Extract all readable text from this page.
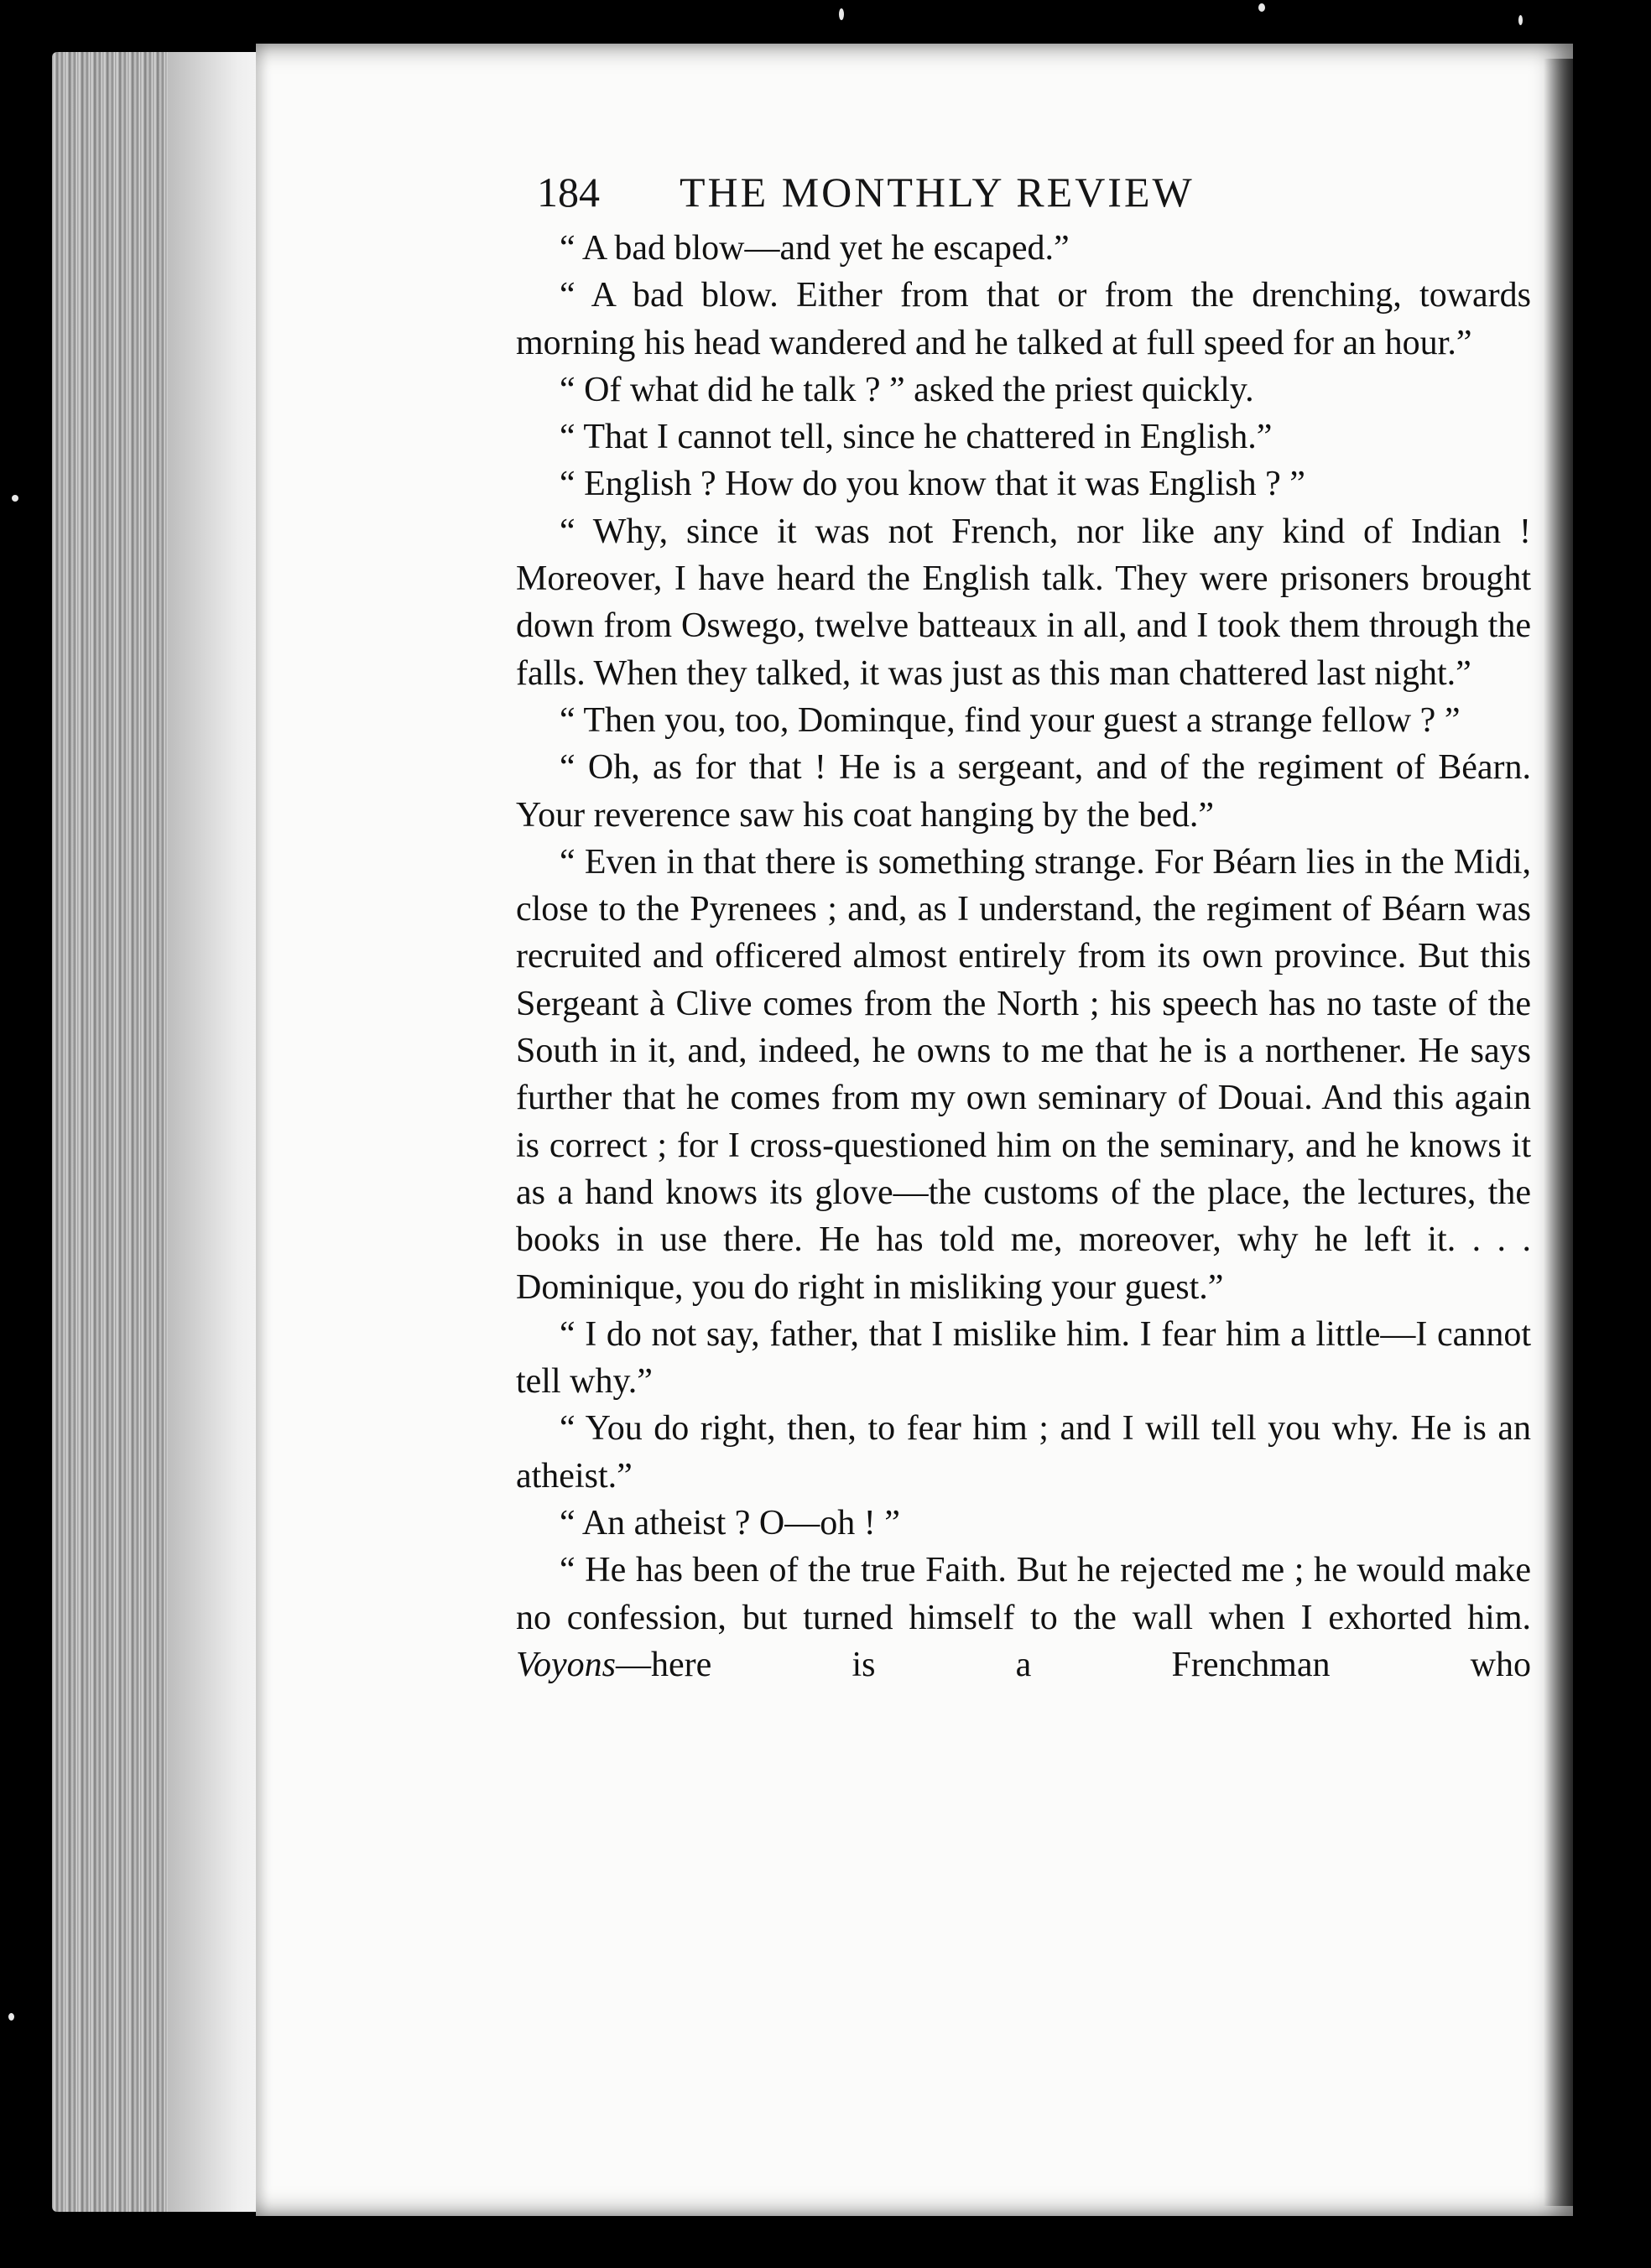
184 THE MONTHLY REVIEW

“ A bad blow—and yet he escaped.”

“ A bad blow. Either from that or from the drenching, towards morning his head wandered and he talked at full speed for an hour.”

“ Of what did he talk ? ” asked the priest quickly.

“ That I cannot tell, since he chattered in English.”

“ English ? How do you know that it was English ? ”

“ Why, since it was not French, nor like any kind of Indian ! Moreover, I have heard the English talk. They were prisoners brought down from Oswego, twelve batteaux in all, and I took them through the falls. When they talked, it was just as this man chattered last night.”

“ Then you, too, Dominque, find your guest a strange fellow ? ”

“ Oh, as for that ! He is a sergeant, and of the regiment of Béarn. Your reverence saw his coat hanging by the bed.”

“ Even in that there is something strange. For Béarn lies in the Midi, close to the Pyrenees ; and, as I understand, the regiment of Béarn was recruited and officered almost entirely from its own province. But this Sergeant à Clive comes from the North ; his speech has no taste of the South in it, and, indeed, he owns to me that he is a northener. He says further that he comes from my own seminary of Douai. And this again is correct ; for I cross-questioned him on the seminary, and he knows it as a hand knows its glove—the customs of the place, the lectures, the books in use there. He has told me, moreover, why he left it. . . . Dominique, you do right in misliking your guest.”

“ I do not say, father, that I mislike him. I fear him a little—I cannot tell why.”

“ You do right, then, to fear him ; and I will tell you why. He is an atheist.”

“ An atheist ? O—oh ! ”

“ He has been of the true Faith. But he rejected me ; he would make no confession, but turned himself to the wall when I exhorted him. Voyons—here is a Frenchman who
